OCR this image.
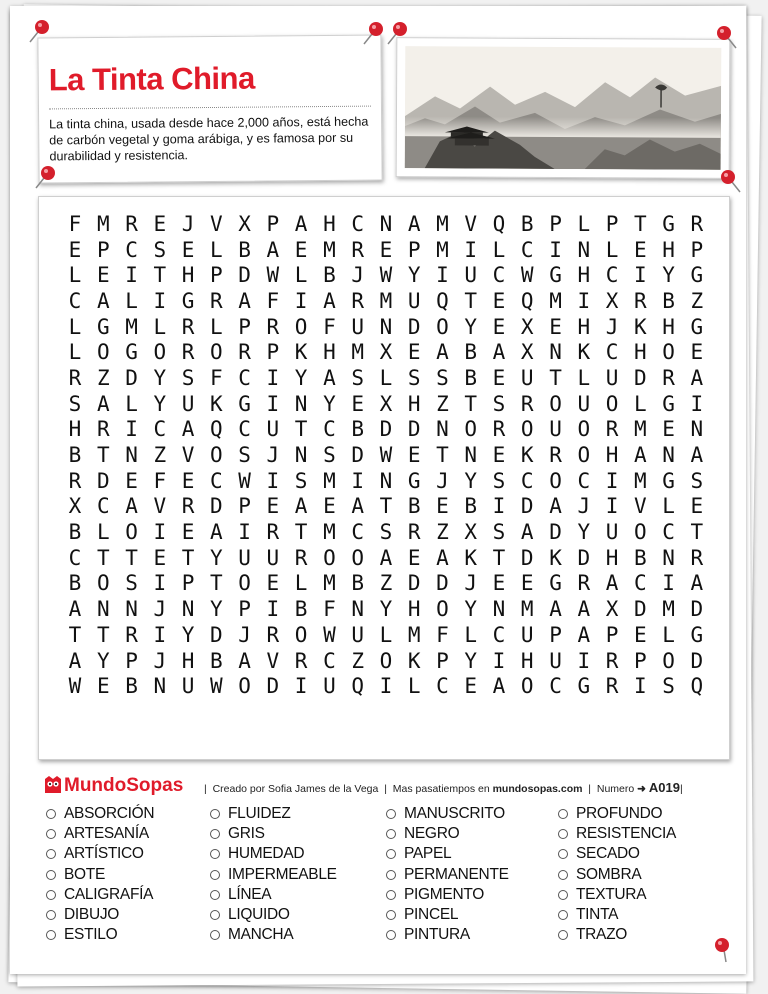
La Tinta China
La tinta china, usada desde hace 2,000 años, está hecha de carbón vegetal y goma arábiga, y es famosa por su durabilidad y resistencia.
F M R E J V X P A H C N A M V Q B P L P T G R
E P C S E L B A E M R E P M I L C I N L E H P
L E I T H P D W L B J W Y I U C W G H C I Y G
C A L I G R A F I A R M U Q T E Q M I X R B Z
L G M L R L P R O F U N D O Y E X E H J K H G
L O G O R O R P K H M X E A B A X N K C H O E
R Z D Y S F C I Y A S L S S B E U T L U D R A
S A L Y U K G I N Y E X H Z T S R O U O L G I
H R I C A Q C U T C B D D N O R O U O R M E N
B T N Z V O S J N S D W E T N E K R O H A N A
R D E F E C W I S M I N G J Y S C O C I M G S
X C A V R D P E A E A T B E B I D A J I V L E
B L O I E A I R T M C S R Z X S A D Y U O C T
C T T E T Y U U R O O A E A K T D K D H B N R
B O S I P T O E L M B Z D D J E E G R A C I A
A N N J N Y P I B F N Y H O Y N M A A X D M D
T T R I Y D J R O W U L M F L C U P A P E L G
A Y P J H B A V R C Z O K P Y I H U I R P O D
W E B N U W O D I U Q I L C E A O C G R I S Q
MundoSopas | Creado por Sofia James de la Vega | Mas pasatiempos en mundosopas.com | Numero ➜ A019|
ABSORCIÓN
ARTESANÍA
ARTÍSTICO
BOTE
CALIGRAFÍA
DIBUJO
ESTILO
FLUIDEZ
GRIS
HUMEDAD
IMPERMEABLE
LÍNEA
LIQUIDO
MANCHA
MANUSCRITO
NEGRO
PAPEL
PERMANENTE
PIGMENTO
PINCEL
PINTURA
PROFUNDO
RESISTENCIA
SECADO
SOMBRA
TEXTURA
TINTA
TRAZO
